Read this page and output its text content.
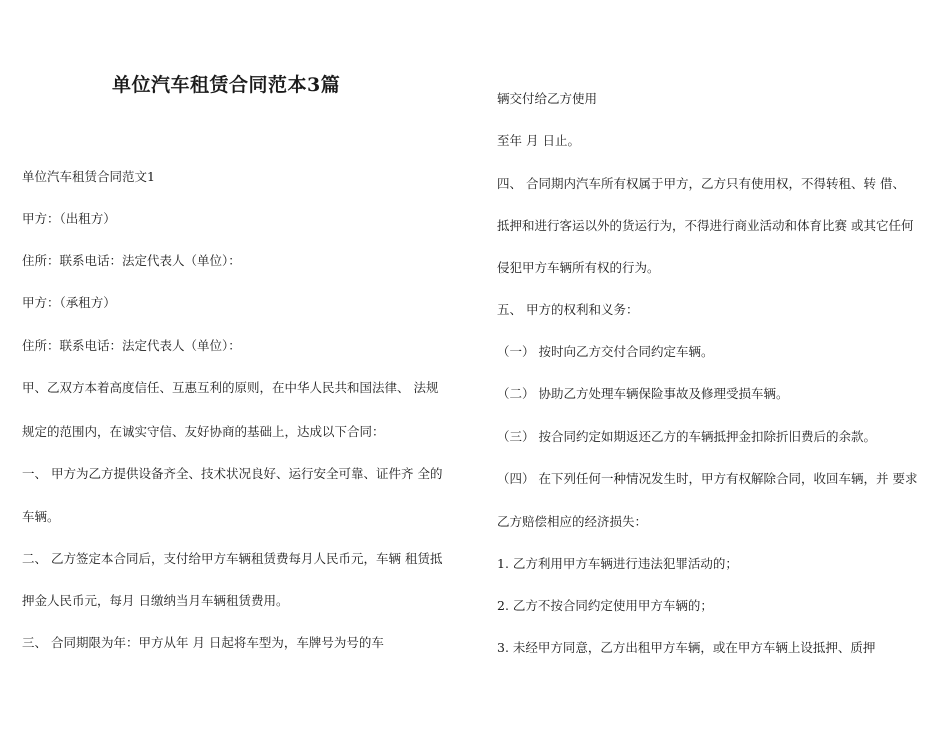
单位汽车租赁合同范本3篇
单位汽车租赁合同范文1
甲方：（出租方）
住所：联系电话：法定代表人（单位）：
甲方：（承租方）
住所：联系电话：法定代表人（单位）：
甲、乙双方本着高度信任、互惠互利的原则，在中华人民共和国法律、 法规
规定的范围内，在诚实守信、友好协商的基础上，达成以下合同：
一、 甲方为乙方提供设备齐全、技术状况良好、运行安全可靠、证件齐 全的
车辆。
二、 乙方签定本合同后，支付给甲方车辆租赁费每月人民币元，车辆 租赁抵
押金人民币元，每月 日缴纳当月车辆租赁费用。
三、 合同期限为年：甲方从年 月 日起将车型为，车牌号为号的车
辆交付给乙方使用
至年 月 日止。
四、 合同期内汽车所有权属于甲方，乙方只有使用权，不得转租、转 借、
抵押和进行客运以外的货运行为，不得进行商业活动和体育比赛 或其它任何
侵犯甲方车辆所有权的行为。
五、 甲方的权利和义务：
（一） 按时向乙方交付合同约定车辆。
（二） 协助乙方处理车辆保险事故及修理受损车辆。
（三） 按合同约定如期返还乙方的车辆抵押金扣除折旧费后的余款。
（四） 在下列任何一种情况发生时，甲方有权解除合同，收回车辆，并 要求
乙方赔偿相应的经济损失：
1. 乙方利用甲方车辆进行违法犯罪活动的；
2. 乙方不按合同约定使用甲方车辆的；
3. 未经甲方同意，乙方出租甲方车辆，或在甲方车辆上设抵押、质押
